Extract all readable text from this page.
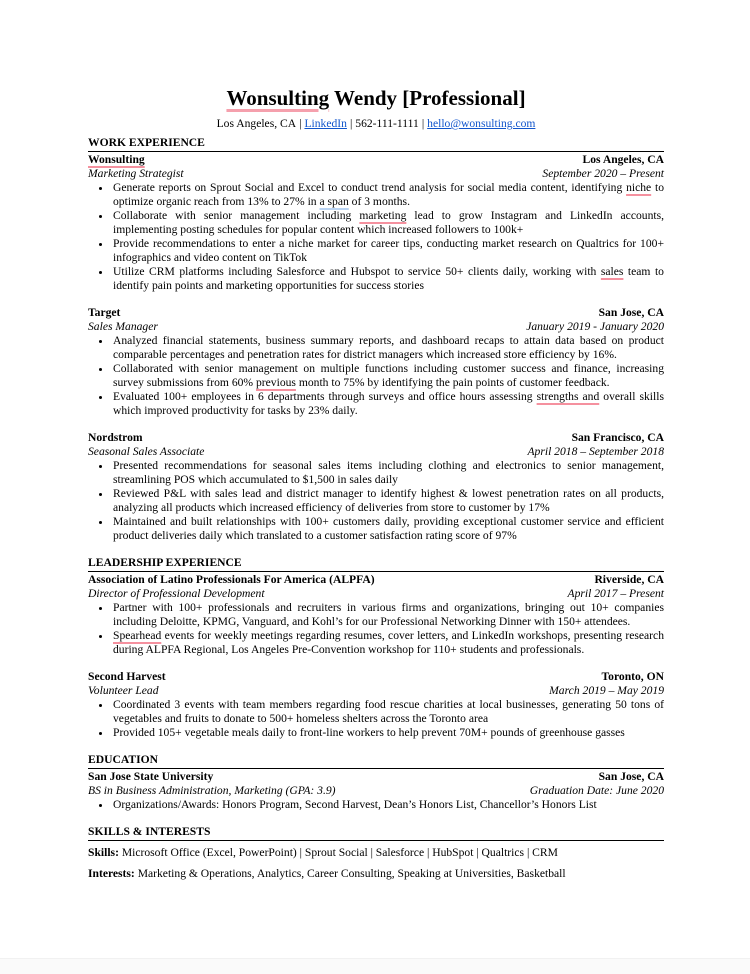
Wonsulting Wendy [Professional]
Los Angeles, CA | LinkedIn | 562-111-1111 | hello@wonsulting.com
WORK EXPERIENCE
Wonsulting	Los Angeles, CA
Marketing Strategist	September 2020 – Present
• Generate reports on Sprout Social and Excel to conduct trend analysis for social media content, identifying niche to optimize organic reach from 13% to 27% in a span of 3 months.
• Collaborate with senior management including marketing lead to grow Instagram and LinkedIn accounts, implementing posting schedules for popular content which increased followers to 100k+
• Provide recommendations to enter a niche market for career tips, conducting market research on Qualtrics for 100+ infographics and video content on TikTok
• Utilize CRM platforms including Salesforce and Hubspot to service 50+ clients daily, working with sales team to identify pain points and marketing opportunities for success stories
Target	San Jose, CA
Sales Manager	January 2019 - January 2020
• Analyzed financial statements, business summary reports, and dashboard recaps to attain data based on product comparable percentages and penetration rates for district managers which increased store efficiency by 16%.
• Collaborated with senior management on multiple functions including customer success and finance, increasing survey submissions from 60% previous month to 75% by identifying the pain points of customer feedback.
• Evaluated 100+ employees in 6 departments through surveys and office hours assessing strengths and overall skills which improved productivity for tasks by 23% daily.
Nordstrom	San Francisco, CA
Seasonal Sales Associate	April 2018 – September 2018
• Presented recommendations for seasonal sales items including clothing and electronics to senior management, streamlining POS which accumulated to $1,500 in sales daily
• Reviewed P&L with sales lead and district manager to identify highest & lowest penetration rates on all products, analyzing all products which increased efficiency of deliveries from store to customer by 17%
• Maintained and built relationships with 100+ customers daily, providing exceptional customer service and efficient product deliveries daily which translated to a customer satisfaction rating score of 97%
LEADERSHIP EXPERIENCE
Association of Latino Professionals For America (ALPFA)	Riverside, CA
Director of Professional Development	April 2017 – Present
• Partner with 100+ professionals and recruiters in various firms and organizations, bringing out 10+ companies including Deloitte, KPMG, Vanguard, and Kohl’s for our Professional Networking Dinner with 150+ attendees.
• Spearhead events for weekly meetings regarding resumes, cover letters, and LinkedIn workshops, presenting research during ALPFA Regional, Los Angeles Pre-Convention workshop for 110+ students and professionals.
Second Harvest	Toronto, ON
Volunteer Lead	March 2019 – May 2019
• Coordinated 3 events with team members regarding food rescue charities at local businesses, generating 50 tons of vegetables and fruits to donate to 500+ homeless shelters across the Toronto area
• Provided 105+ vegetable meals daily to front-line workers to help prevent 70M+ pounds of greenhouse gasses
EDUCATION
San Jose State University	San Jose, CA
BS in Business Administration, Marketing (GPA: 3.9)	Graduation Date: June 2020
• Organizations/Awards: Honors Program, Second Harvest, Dean’s Honors List, Chancellor’s Honors List
SKILLS & INTERESTS
Skills: Microsoft Office (Excel, PowerPoint) | Sprout Social | Salesforce | HubSpot | Qualtrics | CRM
Interests: Marketing & Operations, Analytics, Career Consulting, Speaking at Universities, Basketball
